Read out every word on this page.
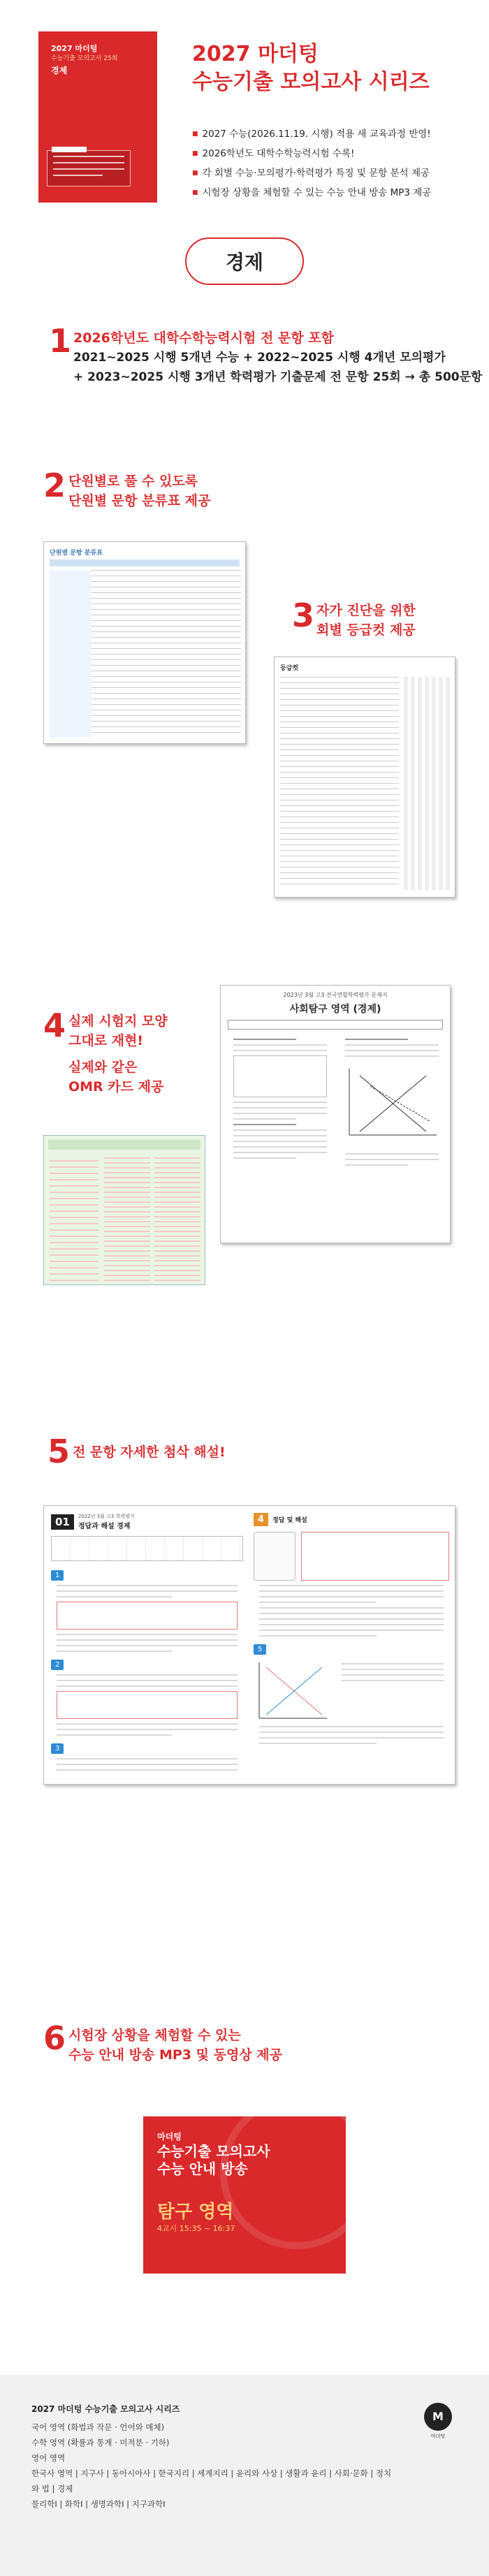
2027 마더텅
수능기출 모의고사 25회
경제
2027 마더텅
수능기출 모의고사 시리즈
■ 2027 수능(2026.11.19. 시행) 적용 새 교육과정 반영!
■ 2026학년도 대학수학능력시험 수록!
■ 각 회별 수능·모의평가·학력평가 특징 및 문항 분석 제공
■ 시험장 상황을 체험할 수 있는 수능 안내 방송 MP3 제공
경제
1 2026학년도 대학수학능력시험 전 문항 포함
2021~2025 시행 5개년 수능 + 2022~2025 시행 4개년 모의평가
+ 2023~2025 시행 3개년 학력평가 기출문제 전 문항 25회 → 총 500문항
2 단원별로 풀 수 있도록
단원별 문항 분류표 제공
단원별 문항 분류표
3 자가 진단을 위한
회별 등급컷 제공
등급컷
4 실제 시험지 모양
그대로 재현!
실제와 같은
OMR 카드 제공
2023년 3월 고3 전국연합학력평가 문제지
사회탐구 영역 (경제)
5 전 문항 자세한 첨삭 해설!
01	2022년 3월 고3 학력평가
정답과 해설 경제
1
2
3
4	정답 및 해설
5
6 시험장 상황을 체험할 수 있는
수능 안내 방송 MP3 및 동영상 제공
마더텅
수능기출 모의고사
수능 안내 방송
탐구 영역
4교시 15:35 ~ 16:37
2027 마더텅 수능기출 모의고사 시리즈
국어 영역 (화법과 작문 · 언어와 매체)
수학 영역 (확률과 통계 · 미적분 · 기하)
영어 영역
한국사 영역 | 지구사 | 동아시아사 | 한국지리 | 세계지리 | 윤리와 사상 | 생활과 윤리 | 사회·문화 | 정치와 법 | 경제
물리학Ⅰ | 화학Ⅰ | 생명과학Ⅰ | 지구과학Ⅰ
M
마더텅
